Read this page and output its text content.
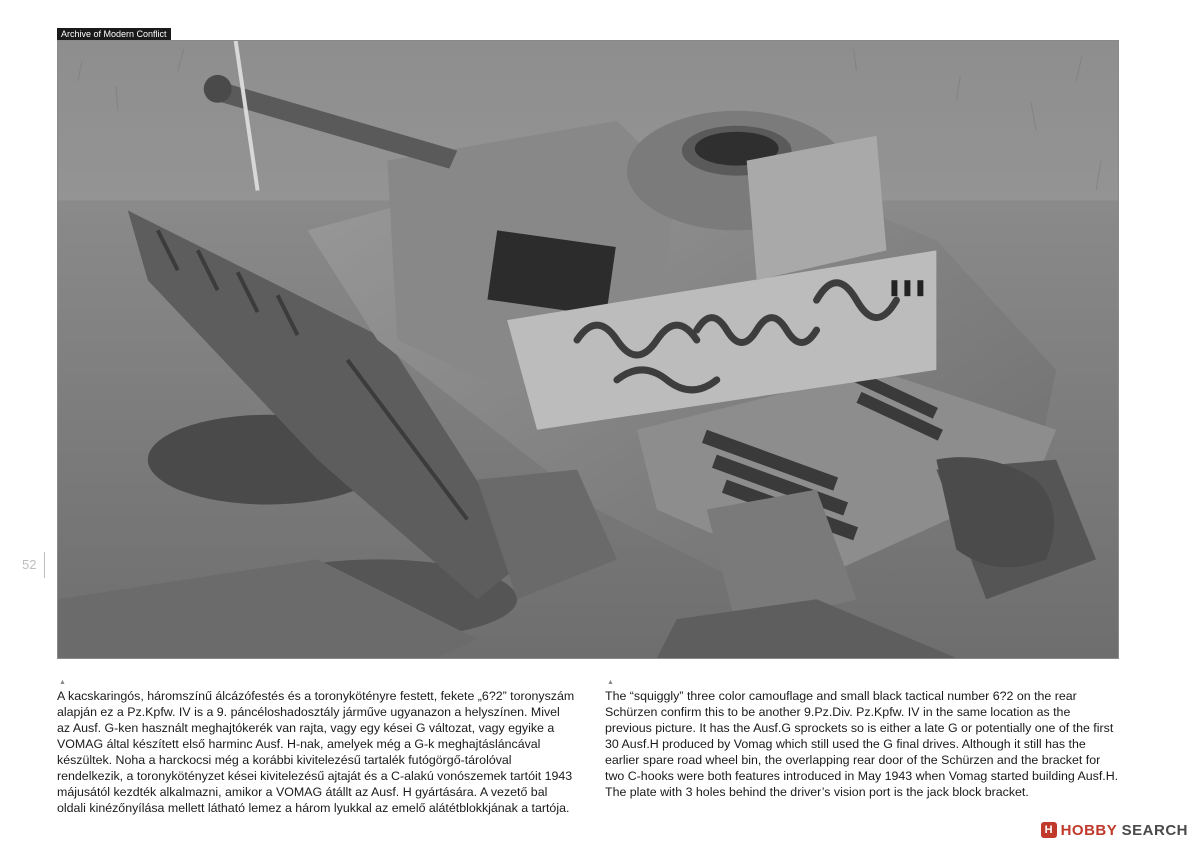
Archive of Modern Conflict
52
▲
A kacskaringós, háromszínű álcázófestés és a toronykötényre festett, fekete „6?2” toronyszám alapján ez a Pz.Kpfw. IV is a 9. páncéloshadosztály járműve ugyanazon a helyszínen. Mivel az Ausf. G-ken használt meghajtókerék van rajta, vagy egy kései G változat, vagy egyike a VOMAG által készített első harminc Ausf. H-nak, amelyek még a G-k meghajtásláncával készültek. Noha a harckocsi még a korábbi kivitelezésű tartalék futógörgő-tárolóval rendelkezik, a toronykötényzet kései kivitelezésű ajtaját és a C-alakú vonószemek tartóit 1943 májusától kezdték alkalmazni, amikor a VOMAG átállt az Ausf. H gyártására. A vezető bal oldali kinézőnyílása mellett látható lemez a három lyukkal az emelő alátétblokkjának a tartója.
▲
The “squiggly” three color camouflage and small black tactical number 6?2 on the rear Schürzen confirm this to be another 9.Pz.Div. Pz.Kpfw. IV in the same location as the previous picture. It has the Ausf.G sprockets so is either a late G or potentially one of the first 30 Ausf.H produced by Vomag which still used the G final drives. Although it still has the earlier spare road wheel bin, the overlapping rear door of the Schürzen and the bracket for two C-hooks were both features introduced in May 1943 when Vomag started building Ausf.H. The plate with 3 holes behind the driver’s vision port is the jack block bracket.
H HOBBY SEARCH
